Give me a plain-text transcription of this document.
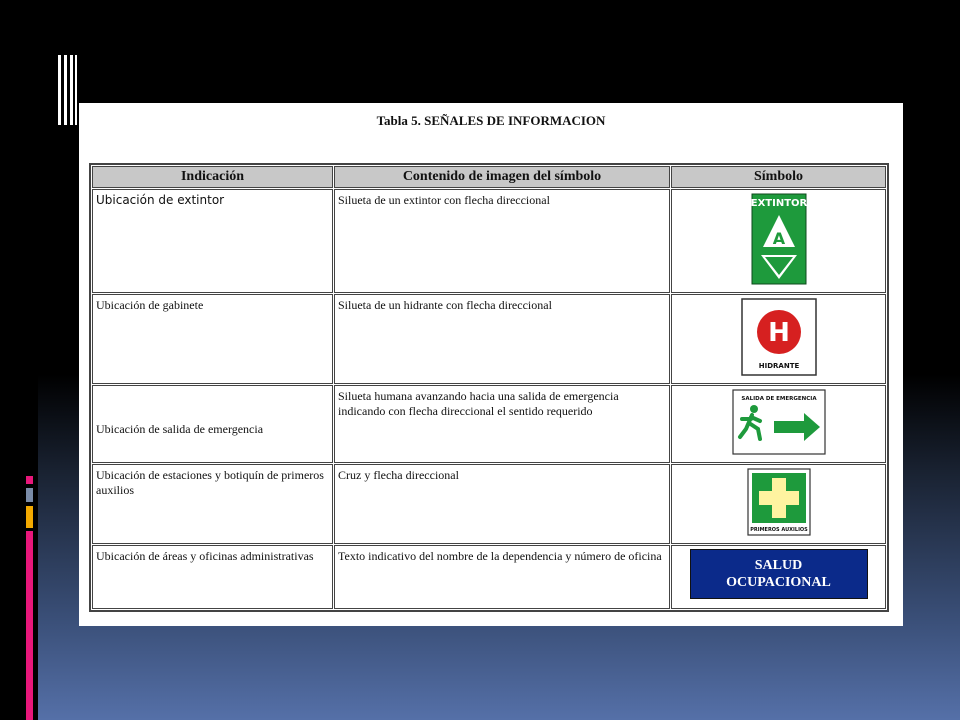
Tabla 5. SEÑALES DE INFORMACION
Indicación	Contenido de imagen del símbolo	Símbolo
Ubicación de extintor	Silueta de un extintor con flecha direccional	EXTINTOR
A

Ubicación de gabinete	Silueta de un hidrante con flecha direccional	H
HIDRANTE

Ubicación de salida de emergencia	Silueta humana avanzando hacia una salida de emergencia indicando con flecha direccional el sentido requerido	SALIDA DE EMERGENCIA

Ubicación de estaciones y botiquín de primeros auxilios	Cruz y flecha direccional	PRIMEROS AUXILIOS

Ubicación de áreas y oficinas administrativas	Texto indicativo del nombre de la dependencia y número de oficina	SALUD
OCUPACIONAL
